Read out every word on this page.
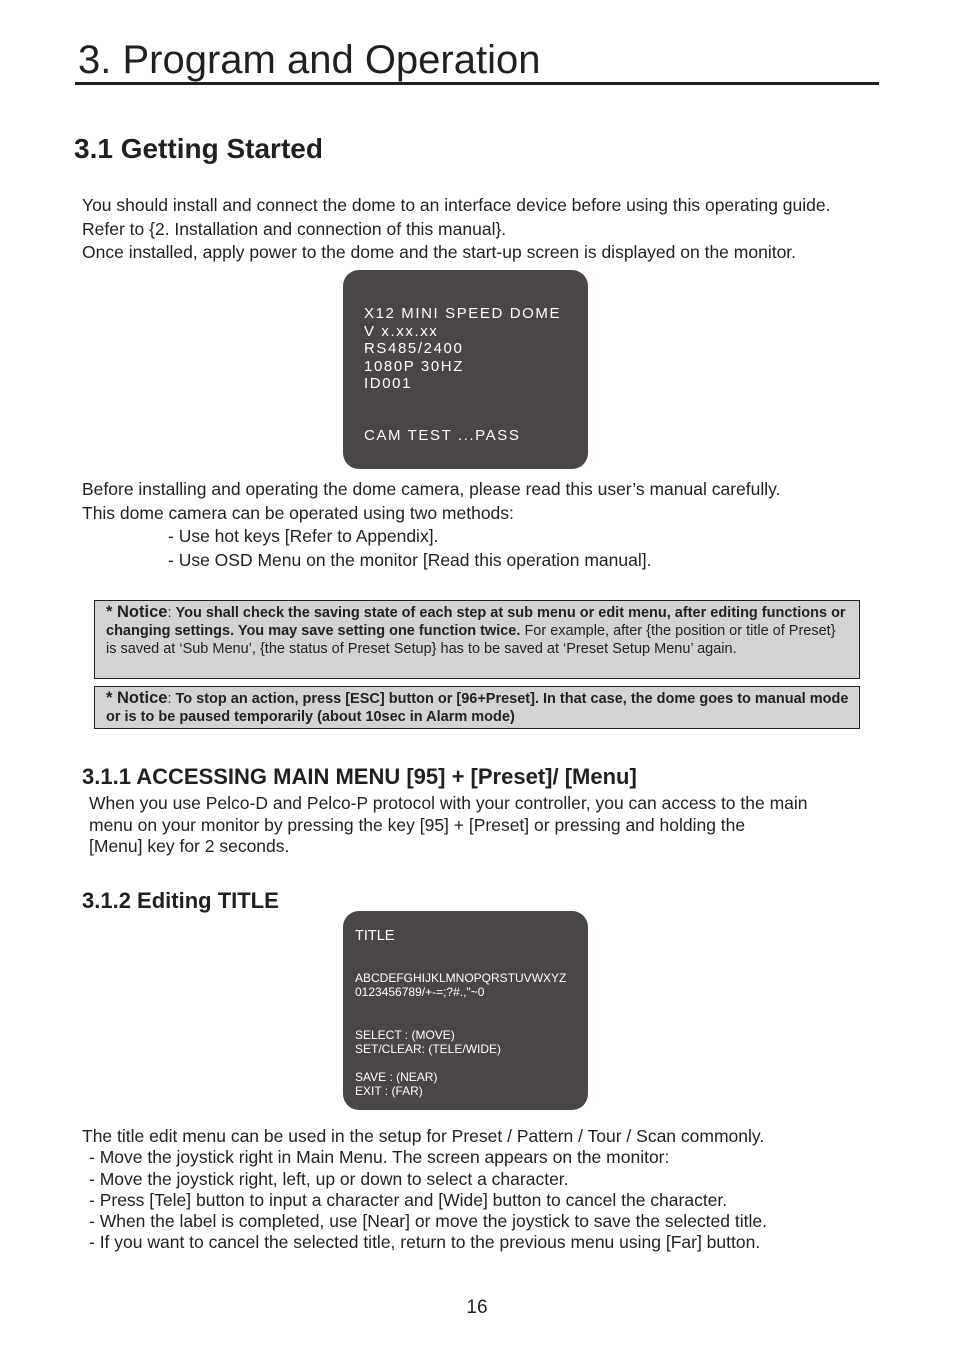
3. Program and Operation
3.1 Getting Started

You should install and connect the dome to an interface device before using this operating guide.

Refer to {2. Installation and connection of this manual}.

Once installed, apply power to the dome and the start-up screen is displayed on the monitor.

X12 MINI SPEED DOME
V x.xx.xx
RS485/2400
1080P 30HZ
ID001
CAM TEST ...PASS

Before installing and operating the dome camera, please read this user’s manual carefully.

This dome camera can be operated using two methods:

- Use hot keys [Refer to Appendix].

- Use OSD Menu on the monitor [Read this operation manual].

* Notice: You shall check the saving state of each step at sub menu or edit menu, after editing functions or changing settings. You may save setting one function twice. For example, after {the position or title of Preset} is saved at ‘Sub Menu’, {the status of Preset Setup} has to be saved at ‘Preset Setup Menu’ again.
* Notice: To stop an action, press [ESC] button or [96+Preset]. In that case, the dome goes to manual mode or is to be paused temporarily (about 10sec in Alarm mode)
3.1.1 ACCESSING MAIN MENU [95] + [Preset]/ [Menu]

When you use Pelco-D and Pelco-P protocol with your controller, you can access to the main

menu on your monitor by pressing the key [95] + [Preset] or pressing and holding the

[Menu] key for 2 seconds.

3.1.2 Editing TITLE
TITLE
ABCDEFGHIJKLMNOPQRSTUVWXYZ
0123456789/+-=;?#.,"~0
SELECT : (MOVE)
SET/CLEAR: (TELE/WIDE)
SAVE : (NEAR)
EXIT : (FAR)
The title edit menu can be used in the setup for Preset / Pattern / Tour / Scan commonly.
- Move the joystick right in Main Menu. The screen appears on the monitor:
- Move the joystick right, left, up or down to select a character.
- Press [Tele] button to input a character and [Wide] button to cancel the character.
- When the label is completed, use [Near] or move the joystick to save the selected title.
- If you want to cancel the selected title, return to the previous menu using [Far] button.
16
